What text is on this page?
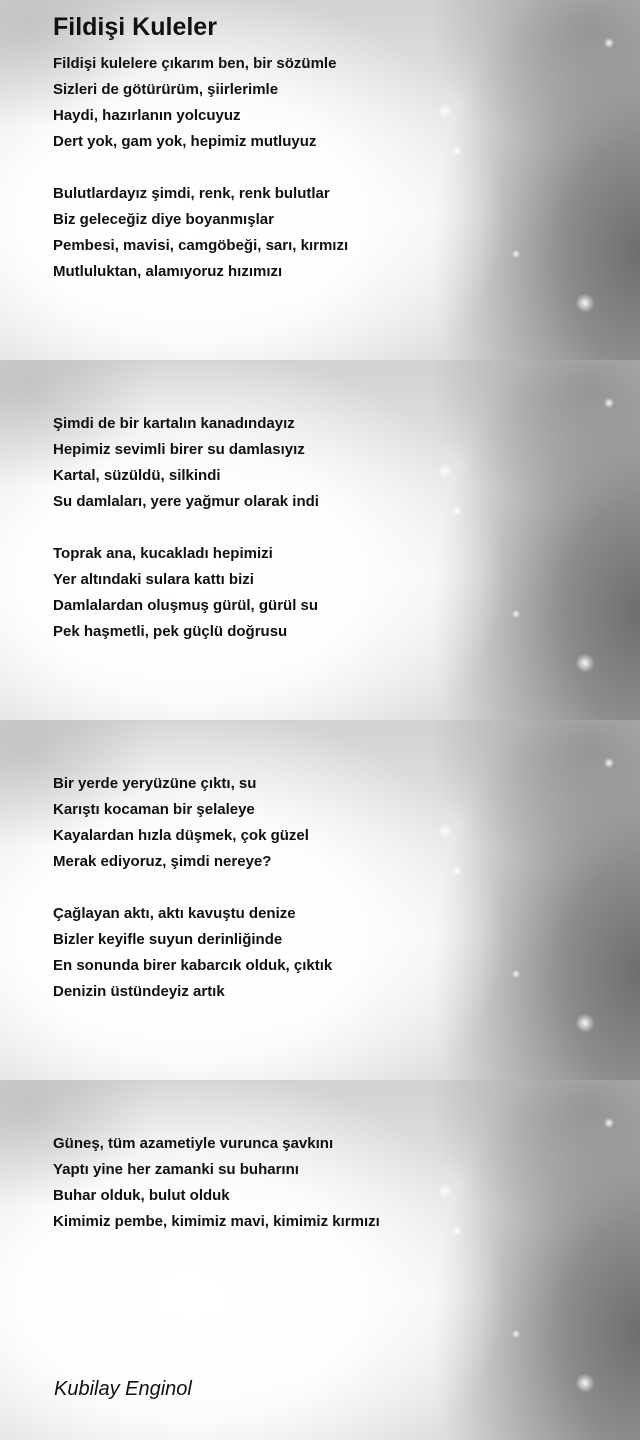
Fildişi Kuleler

Fildişi kulelere çıkarım ben, bir sözümle
Sizleri de götürürüm, şiirlerimle
Haydi, hazırlanın yolcuyuz
Dert yok, gam yok, hepimiz mutluyuz

Bulutlardayız şimdi, renk, renk bulutlar
Biz geleceğiz diye boyanmışlar
Pembesi, mavisi, camgöbeği, sarı, kırmızı
Mutluluktan, alamıyoruz hızımızı

Şimdi de bir kartalın kanadındayız
Hepimiz sevimli birer su damlasıyız
Kartal, süzüldü, silkindi
Su damlaları, yere yağmur olarak indi

Toprak ana, kucakladı hepimizi
Yer altındaki sulara kattı bizi
Damlalardan oluşmuş gürül, gürül su
Pek haşmetli, pek güçlü doğrusu

Bir yerde yeryüzüne çıktı, su
Karıştı kocaman bir şelaleye
Kayalardan hızla düşmek, çok güzel
Merak ediyoruz, şimdi nereye?

Çağlayan aktı, aktı kavuştu denize
Bizler keyifle suyun derinliğinde
En sonunda birer kabarcık olduk, çıktık
Denizin üstündeyiz artık

Güneş, tüm azametiyle vurunca şavkını
Yaptı yine her zamanki su buharını
Buhar olduk, bulut olduk
Kimimiz pembe, kimimiz mavi, kimimiz kırmızı

Kubilay Enginol
